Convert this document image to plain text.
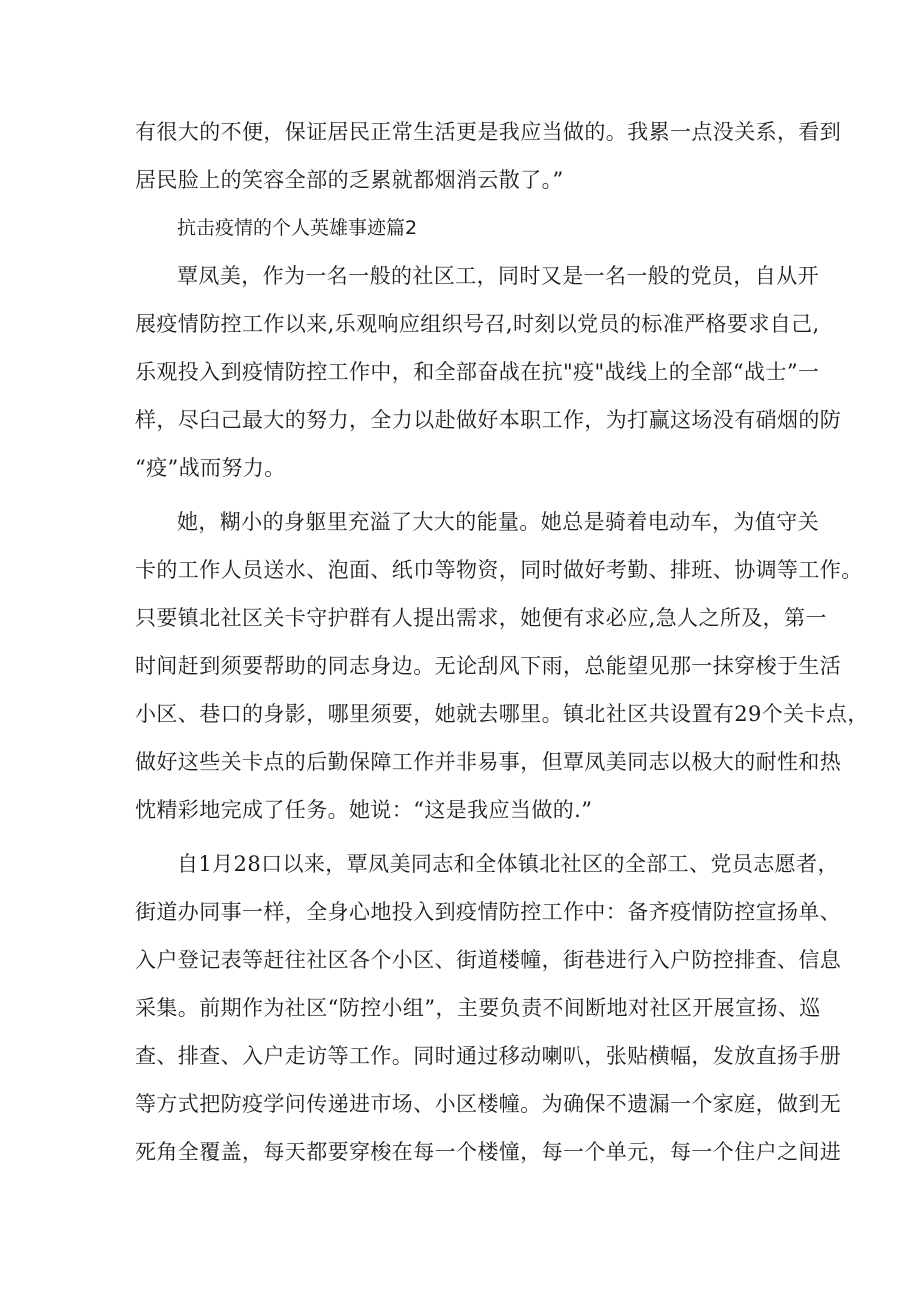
有很大的不便，保证居民正常生活更是我应当做的。我累一点没关系，看到

居民脸上的笑容全部的乏累就都烟消云散了。”

抗击疫情的个人英雄事迹篇2

覃凤美，作为一名一般的社区工，同时又是一名一般的党员，自从开

展疫情防控工作以来,乐观响应组织号召,时刻以党员的标准严格要求自己,

乐观投入到疫情防控工作中，和全部奋战在抗"疫"战线上的全部“战士”一

样，尽臼己最大的努力，全力以赴做好本职工作，为打赢这场没有硝烟的防

“疫”战而努力。

她，糊小的身躯里充溢了大大的能量。她总是骑着电动车，为值守关

卡的工作人员送水、泡面、纸巾等物资，同时做好考勤、排班、协调等工作。

只要镇北社区关卡守护群有人提出需求，她便有求必应,急人之所及，第一

时间赶到须要帮助的同志身边。无论刮风下雨，总能望见那一抹穿梭于生活

小区、巷口的身影，哪里须要，她就去哪里。镇北社区共设置有29个关卡点，

做好这些关卡点的后勤保障工作并非易事，但覃凤美同志以极大的耐性和热

忱精彩地完成了任务。她说：“这是我应当做的.”

自1月28口以来，覃凤美同志和全体镇北社区的全部工、党员志愿者，

街道办同事一样，全身心地投入到疫情防控工作中：备齐疫情防控宣扬单、

入户登记表等赶往社区各个小区、街道楼幢，街巷进行入户防控排査、信息

采集。前期作为社区“防控小组”，主要负责不间断地对社区开展宣扬、巡

查、排查、入户走访等工作。同时通过移动喇叭，张贴横幅，发放直扬手册

等方式把防疫学问传递进市场、小区楼幢。为确保不遗漏一个家庭，做到无

死角全覆盖，每天都要穿梭在每一个楼憧，每一个单元，每一个住户之间进
